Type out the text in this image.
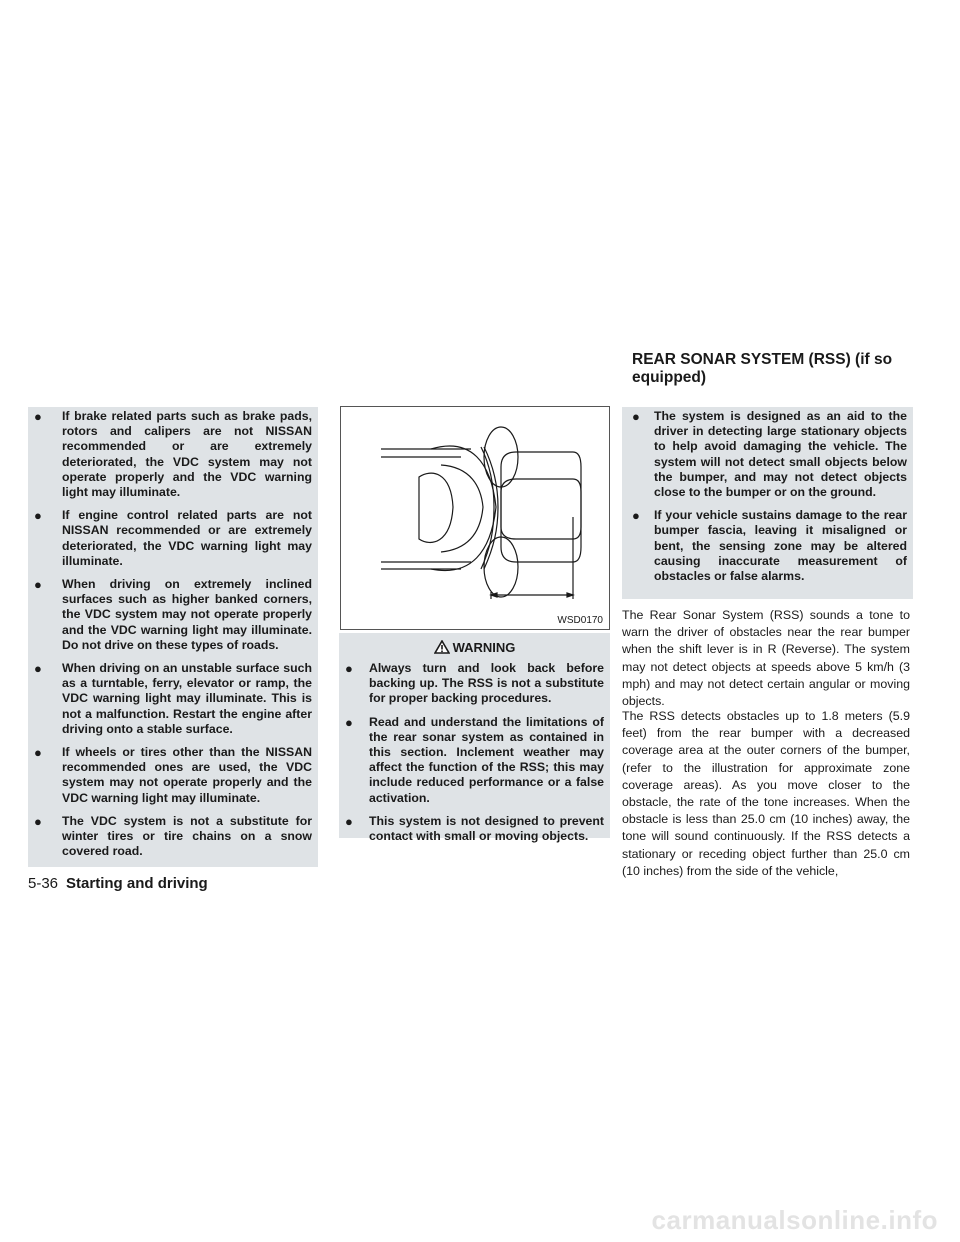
REAR SONAR SYSTEM (RSS) (if so equipped)
● If brake related parts such as brake pads, rotors and calipers are not NISSAN recommended or are extremely deteriorated, the VDC system may not operate properly and the VDC warning light may illuminate.
● If engine control related parts are not NISSAN recommended or are extremely deteriorated, the VDC warning light may illuminate.
● When driving on extremely inclined surfaces such as higher banked corners, the VDC system may not operate properly and the VDC warning light may illuminate. Do not drive on these types of roads.
● When driving on an unstable surface such as a turntable, ferry, elevator or ramp, the VDC warning light may illuminate. This is not a malfunction. Restart the engine after driving onto a stable surface.
● If wheels or tires other than the NISSAN recommended ones are used, the VDC system may not operate properly and the VDC warning light may illuminate.
● The VDC system is not a substitute for winter tires or tire chains on a snow covered road.
WSD0170
WARNING
● Always turn and look back before backing up. The RSS is not a substitute for proper backing procedures.
● Read and understand the limitations of the rear sonar system as contained in this section. Inclement weather may affect the function of the RSS; this may include reduced performance or a false activation.
● This system is not designed to prevent contact with small or moving objects.
● The system is designed as an aid to the driver in detecting large stationary objects to help avoid damaging the vehicle. The system will not detect small objects below the bumper, and may not detect objects close to the bumper or on the ground.
● If your vehicle sustains damage to the rear bumper fascia, leaving it misaligned or bent, the sensing zone may be altered causing inaccurate measurement of obstacles or false alarms.
The Rear Sonar System (RSS) sounds a tone to warn the driver of obstacles near the rear bumper when the shift lever is in R (Reverse). The system may not detect objects at speeds above 5 km/h (3 mph) and may not detect certain angular or moving objects.
The RSS detects obstacles up to 1.8 meters (5.9 feet) from the rear bumper with a decreased coverage area at the outer corners of the bumper, (refer to the illustration for approximate zone coverage areas). As you move closer to the obstacle, the rate of the tone increases. When the obstacle is less than 25.0 cm (10 inches) away, the tone will sound continuously. If the RSS detects a stationary or receding object further than 25.0 cm (10 inches) from the side of the vehicle,
5-36 Starting and driving
carmanualsonline.info
